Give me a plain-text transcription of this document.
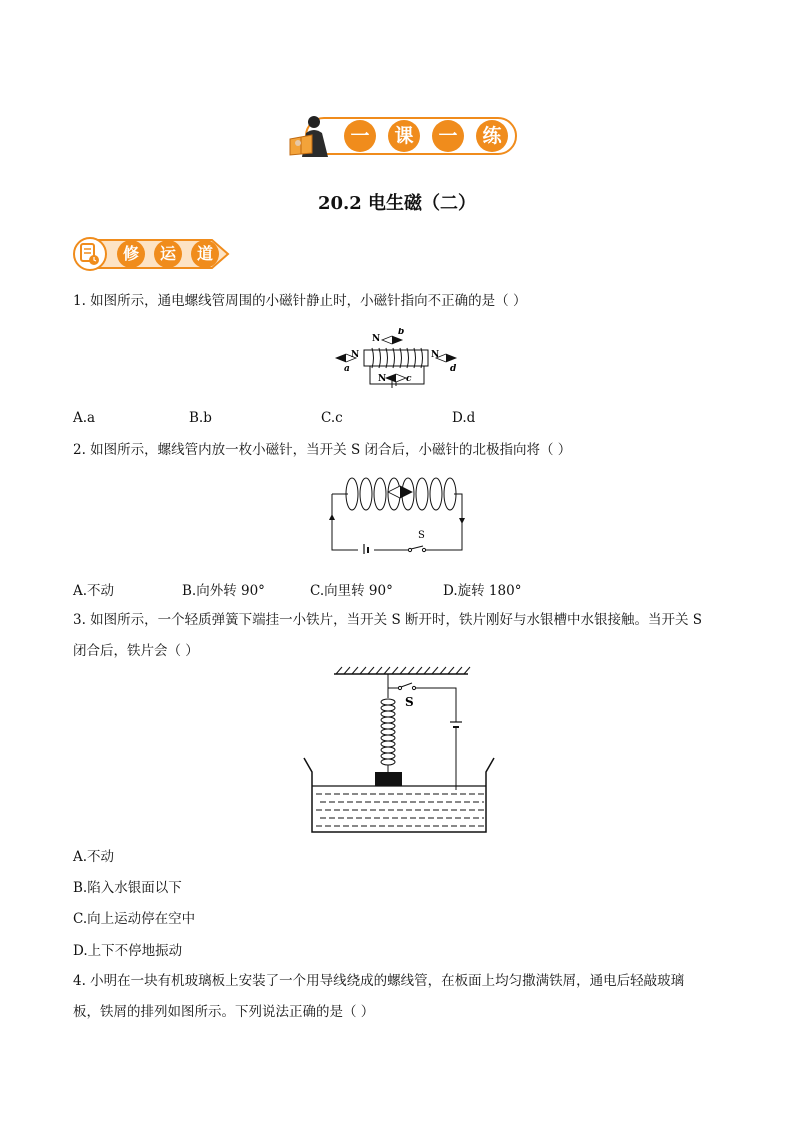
一	课	一	练
20.2 电生磁（二）
修	运	道
1. 如图所示，通电螺线管周围的小磁针静止时，小磁针指向不正确的是（ ）
N
a
N
b
N
d
N c
A.a	B.b	C.c	D.d
2. 如图所示，螺线管内放一枚小磁针，当开关 S 闭合后，小磁针的北极指向将（ ）
S
A.不动	B.向外转 90°	C.向里转 90°	D.旋转 180°
3. 如图所示，一个轻质弹簧下端挂一小铁片，当开关 S 断开时，铁片刚好与水银槽中水银接触。当开关 S
闭合后，铁片会（ ）
S
A.不动
B.陷入水银面以下
C.向上运动停在空中
D.上下不停地振动
4. 小明在一块有机玻璃板上安装了一个用导线绕成的螺线管，在板面上均匀撒满铁屑，通电后轻敲玻璃
板，铁屑的排列如图所示。下列说法正确的是（ ）
